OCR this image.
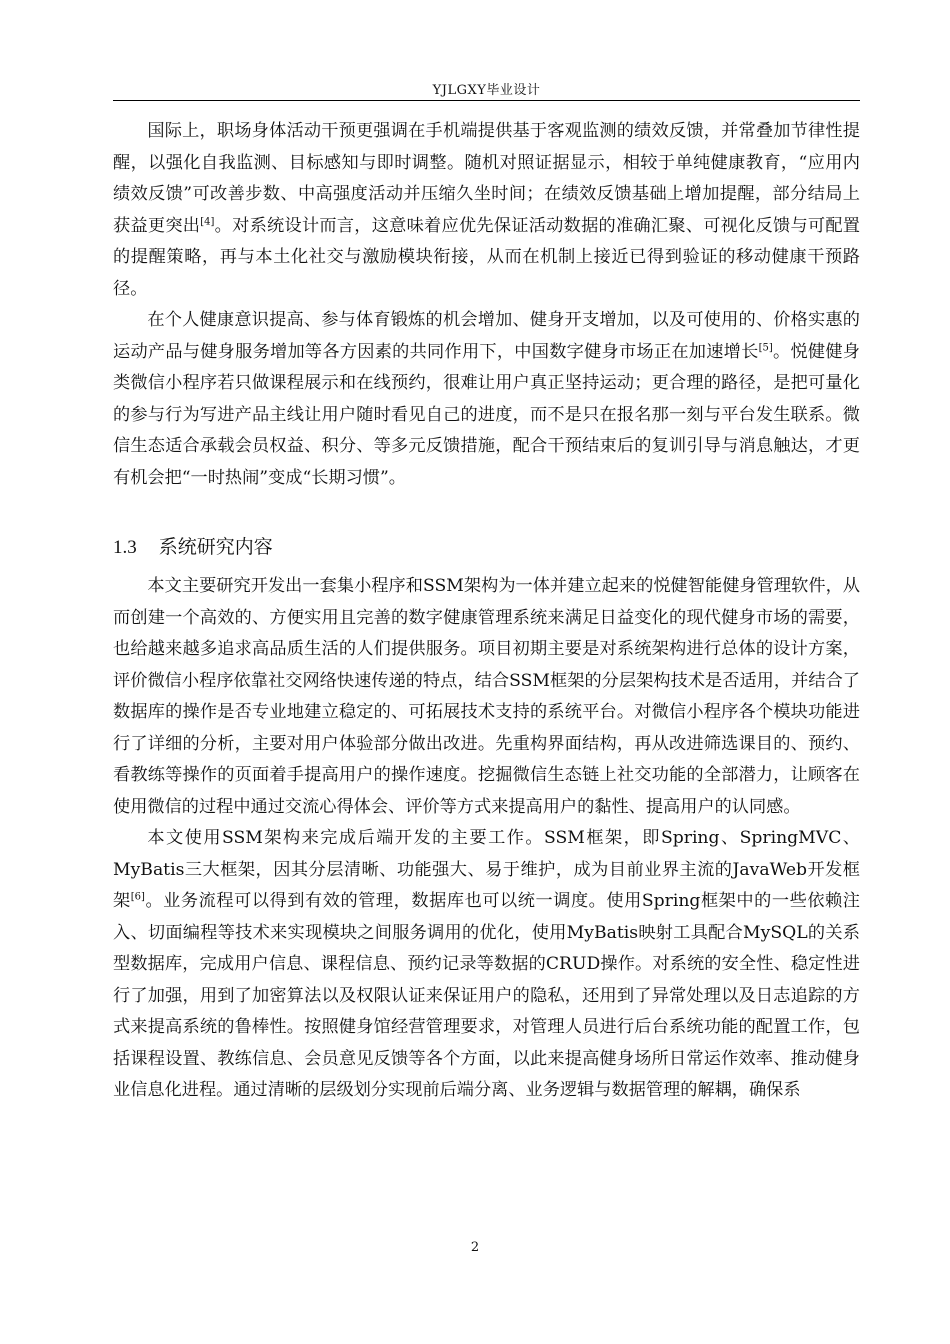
YJLGXY毕业设计

国际上，职场身体活动干预更强调在手机端提供基于客观监测的绩效反馈，并常叠加节律性提醒，以强化自我监测、目标感知与即时调整。随机对照证据显示，相较于单纯健康教育，“应用内绩效反馈”可改善步数、中高强度活动并压缩久坐时间；在绩效反馈基础上增加提醒，部分结局上获益更突出[4]。对系统设计而言，这意味着应优先保证活动数据的准确汇聚、可视化反馈与可配置的提醒策略，再与本土化社交与激励模块衔接，从而在机制上接近已得到验证的移动健康干预路径。

在个人健康意识提高、参与体育锻炼的机会增加、健身开支增加，以及可使用的、价格实惠的运动产品与健身服务增加等各方因素的共同作用下，中国数字健身市场正在加速增长[5]。悦健健身类微信小程序若只做课程展示和在线预约，很难让用户真正坚持运动；更合理的路径，是把可量化的参与行为写进产品主线让用户随时看见自己的进度，而不是只在报名那一刻与平台发生联系。微信生态适合承载会员权益、积分、等多元反馈措施，配合干预结束后的复训引导与消息触达，才更有机会把“一时热闹”变成“长期习惯”。

1.3 系统研究内容

本文主要研究开发出一套集小程序和SSM架构为一体并建立起来的悦健智能健身管理软件，从而创建一个高效的、方便实用且完善的数字健康管理系统来满足日益变化的现代健身市场的需要，也给越来越多追求高品质生活的人们提供服务。项目初期主要是对系统架构进行总体的设计方案，评价微信小程序依靠社交网络快速传递的特点，结合SSM框架的分层架构技术是否适用，并结合了数据库的操作是否专业地建立稳定的、可拓展技术支持的系统平台。对微信小程序各个模块功能进行了详细的分析，主要对用户体验部分做出改进。先重构界面结构，再从改进筛选课目的、预约、看教练等操作的页面着手提高用户的操作速度。挖掘微信生态链上社交功能的全部潜力，让顾客在使用微信的过程中通过交流心得体会、评价等方式来提高用户的黏性、提高用户的认同感。

本文使用SSM架构来完成后端开发的主要工作。SSM框架，即Spring、SpringMVC、MyBatis三大框架，因其分层清晰、功能强大、易于维护，成为目前业界主流的JavaWeb开发框架[6]。业务流程可以得到有效的管理，数据库也可以统一调度。使用Spring框架中的一些依赖注入、切面编程等技术来实现模块之间服务调用的优化，使用MyBatis映射工具配合MySQL的关系型数据库，完成用户信息、课程信息、预约记录等数据的CRUD操作。对系统的安全性、稳定性进行了加强，用到了加密算法以及权限认证来保证用户的隐私，还用到了异常处理以及日志追踪的方式来提高系统的鲁棒性。按照健身馆经营管理要求，对管理人员进行后台系统功能的配置工作，包括课程设置、教练信息、会员意见反馈等各个方面，以此来提高健身场所日常运作效率、推动健身业信息化进程。通过清晰的层级划分实现前后端分离、业务逻辑与数据管理的解耦，确保系

2
